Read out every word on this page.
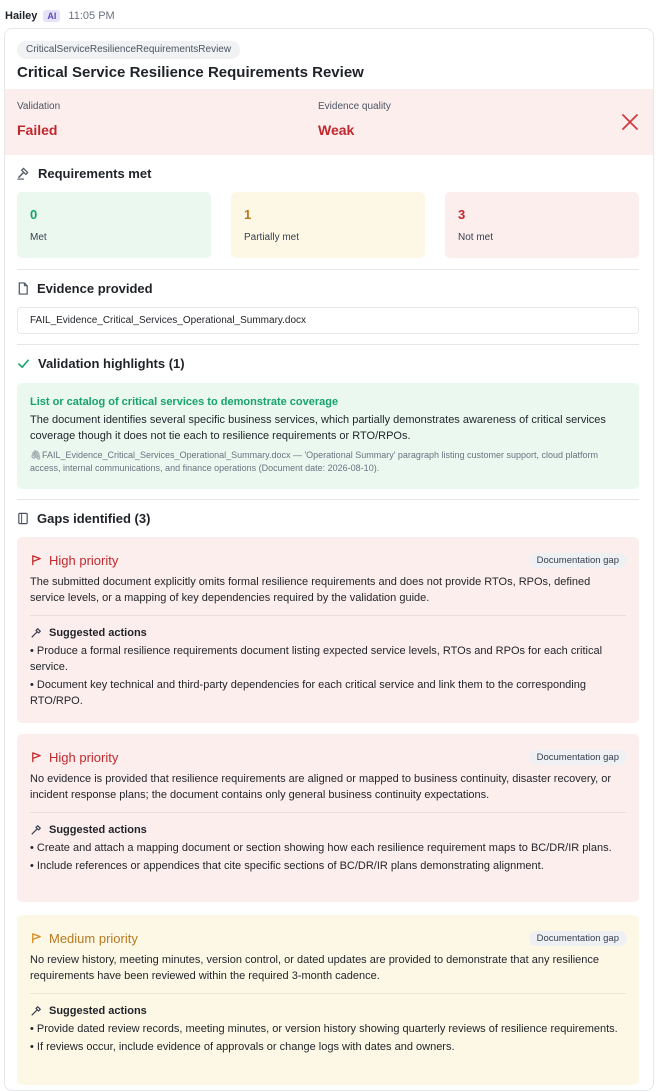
Hailey	AI	11:05 PM
CriticalServiceResilienceRequirementsReview
Critical Service Resilience Requirements Review
Validation
Failed
Evidence quality
Weak
Requirements met
0
Met
1
Partially met
3
Not met
Evidence provided
FAIL_Evidence_Critical_Services_Operational_Summary.docx
Validation highlights (1)
List or catalog of critical services to demonstrate coverage
The document identifies several specific business services, which partially demonstrates awareness of critical services coverage though it does not tie each to resilience requirements or RTO/RPOs.
🖇FAIL_Evidence_Critical_Services_Operational_Summary.docx — 'Operational Summary' paragraph listing customer support, cloud platform access, internal communications, and finance operations (Document date: 2026-08-10).
Gaps identified (3)
High priority	Documentation gap
The submitted document explicitly omits formal resilience requirements and does not provide RTOs, RPOs, defined service levels, or a mapping of key dependencies required by the validation guide.
Suggested actions
• Produce a formal resilience requirements document listing expected service levels, RTOs and RPOs for each critical service.
• Document key technical and third-party dependencies for each critical service and link them to the corresponding RTO/RPO.
High priority	Documentation gap
No evidence is provided that resilience requirements are aligned or mapped to business continuity, disaster recovery, or incident response plans; the document contains only general business continuity expectations.
Suggested actions
• Create and attach a mapping document or section showing how each resilience requirement maps to BC/DR/IR plans.
• Include references or appendices that cite specific sections of BC/DR/IR plans demonstrating alignment.
Medium priority	Documentation gap
No review history, meeting minutes, version control, or dated updates are provided to demonstrate that any resilience requirements have been reviewed within the required 3-month cadence.
Suggested actions
• Provide dated review records, meeting minutes, or version history showing quarterly reviews of resilience requirements.
• If reviews occur, include evidence of approvals or change logs with dates and owners.
